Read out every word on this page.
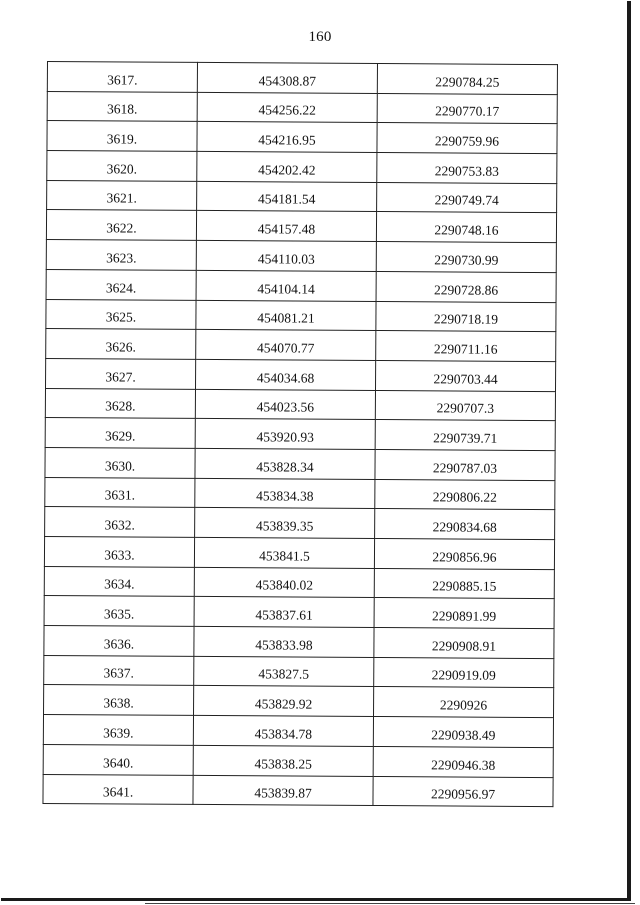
160
3617.	454308.87	2290784.25
3618.	454256.22	2290770.17
3619.	454216.95	2290759.96
3620.	454202.42	2290753.83
3621.	454181.54	2290749.74
3622.	454157.48	2290748.16
3623.	454110.03	2290730.99
3624.	454104.14	2290728.86
3625.	454081.21	2290718.19
3626.	454070.77	2290711.16
3627.	454034.68	2290703.44
3628.	454023.56	2290707.3
3629.	453920.93	2290739.71
3630.	453828.34	2290787.03
3631.	453834.38	2290806.22
3632.	453839.35	2290834.68
3633.	453841.5	2290856.96
3634.	453840.02	2290885.15
3635.	453837.61	2290891.99
3636.	453833.98	2290908.91
3637.	453827.5	2290919.09
3638.	453829.92	2290926
3639.	453834.78	2290938.49
3640.	453838.25	2290946.38
3641.	453839.87	2290956.97
